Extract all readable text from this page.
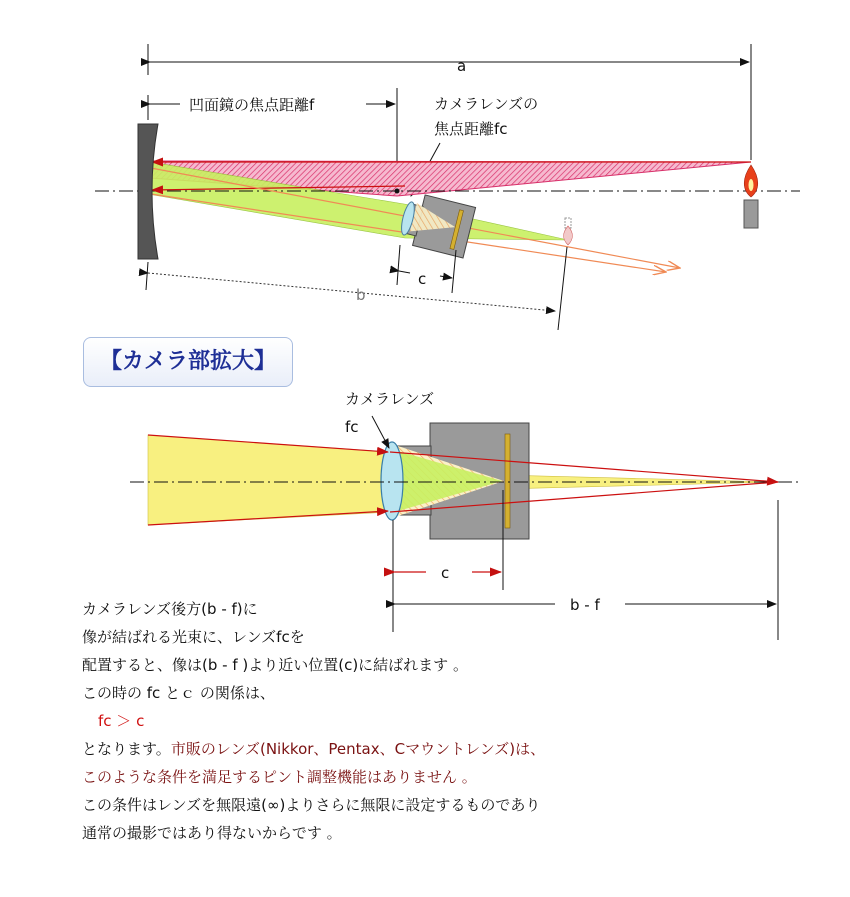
a
凹面鏡の焦点距離f	カメラレンズの
焦点距離fc
c
b
カメラレンズ
fc
c
b - f
【カメラ部拡大】
カメラレンズ後方(b - f)に
像が結ばれる光束に、レンズfcを
配置すると、像は(b - f )より近い位置(c)に結ばれます 。
この時の fc とｃ の関係は、
fc ＞ c
となります。市販のレンズ(Nikkor、Pentax、Cマウントレンズ)は、
このような条件を満足するピント調整機能はありません 。
この条件はレンズを無限遠(∞)よりさらに無限に設定するものであり
通常の撮影ではあり得ないからです 。
